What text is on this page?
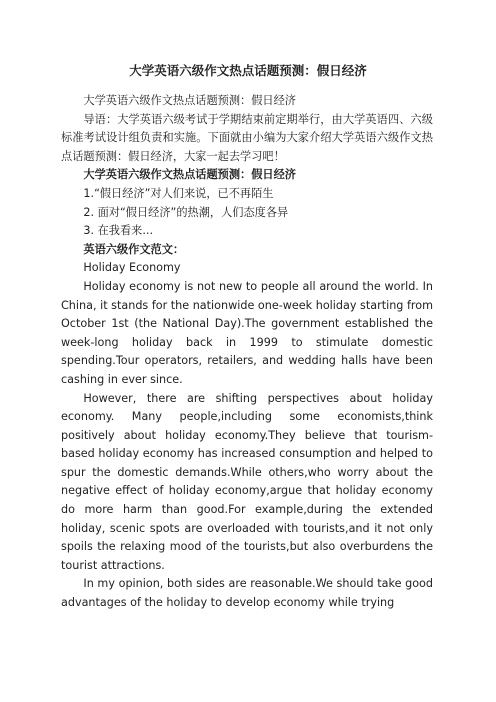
大学英语六级作文热点话题预测：假日经济

大学英语六级作文热点话题预测：假日经济

导语：大学英语六级考试于学期结束前定期举行，由大学英语四、六级标准考试设计组负责和实施。下面就由小编为大家介绍大学英语六级作文热点话题预测：假日经济，大家一起去学习吧！

大学英语六级作文热点话题预测：假日经济

1.“假日经济”对人们来说，已不再陌生

2. 面对“假日经济”的热潮，人们态度各异

3. 在我看来...

英语六级作文范文：

Holiday Economy

Holiday economy is not new to people all around the world. In China, it stands for the nationwide one-week holiday starting from October 1st (the National Day).The government established the week-long holiday back in 1999 to stimulate domestic spending.Tour operators, retailers, and wedding halls have been cashing in ever since.

However, there are shifting perspectives about holiday economy. Many people,including some economists,think positively about holiday economy.They believe that tourism-based holiday economy has increased consumption and helped to spur the domestic demands.While others,who worry about the negative effect of holiday economy,argue that holiday economy do more harm than good.For example,during the extended holiday, scenic spots are overloaded with tourists,and it not only spoils the relaxing mood of the tourists,but also overburdens the tourist attractions.

In my opinion, both sides are reasonable.We should take good advantages of the holiday to develop economy while trying
